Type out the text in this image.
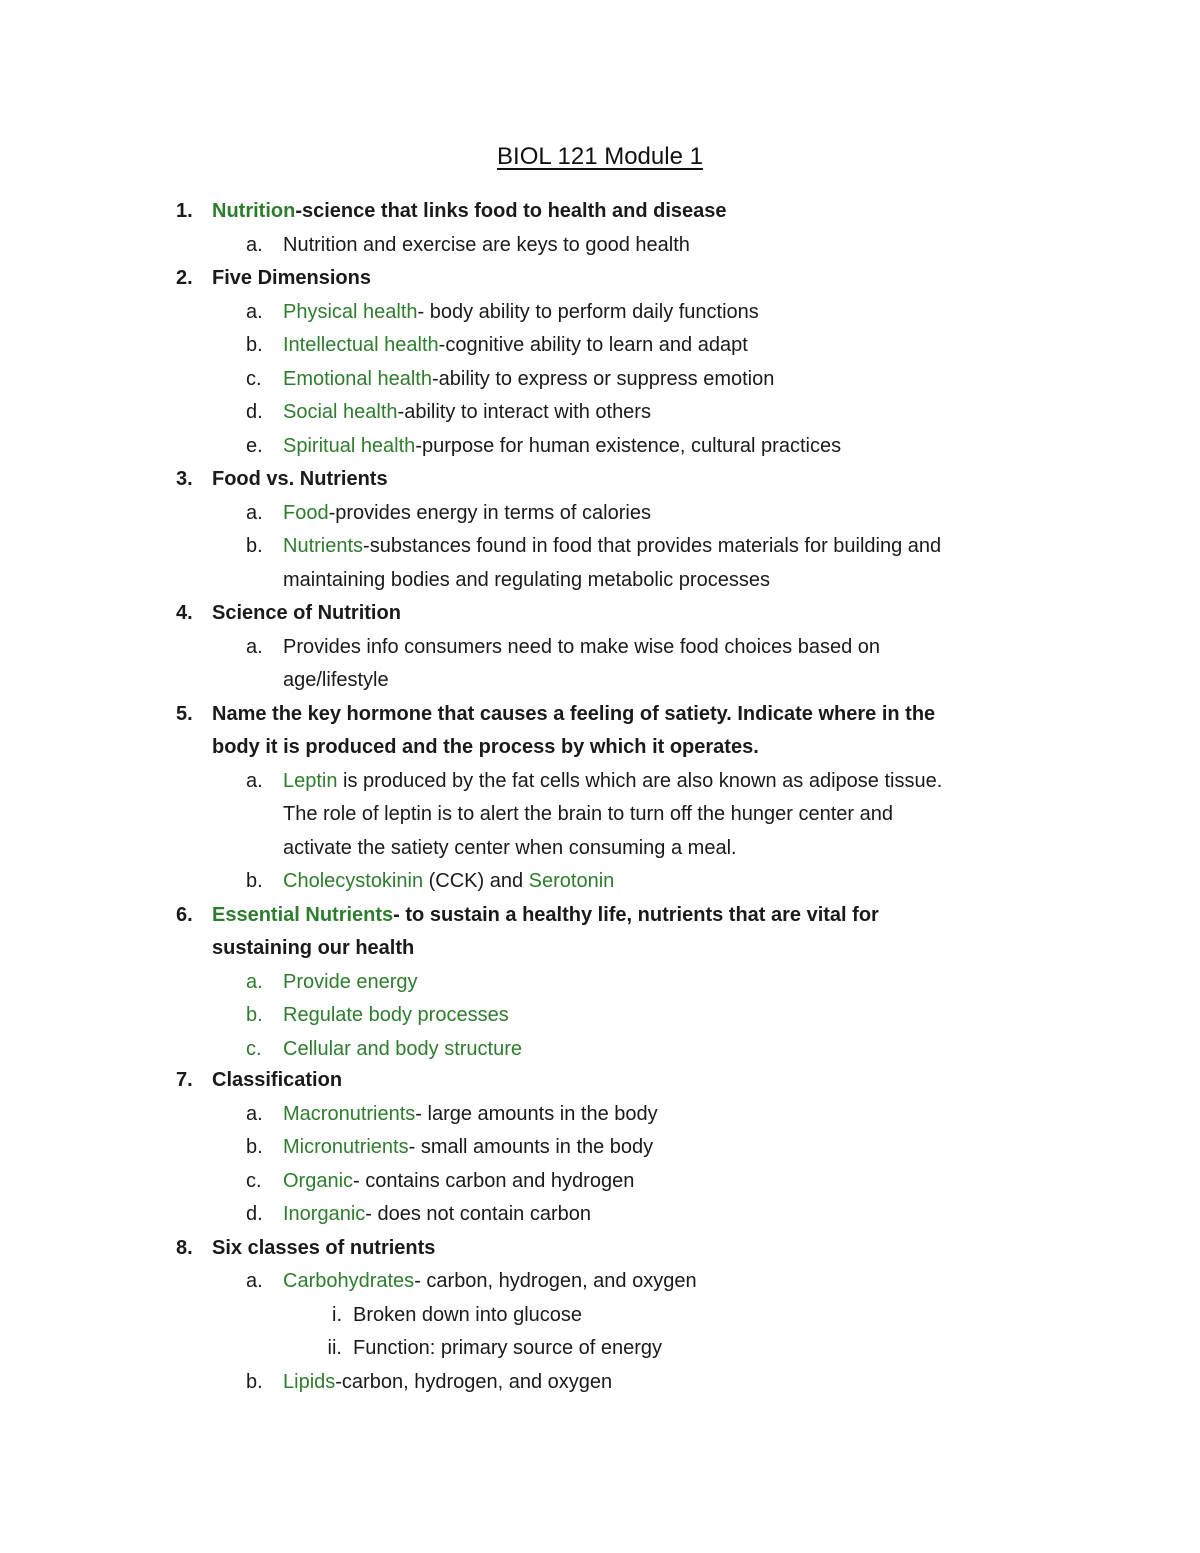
BIOL 121 Module 1
1. Nutrition-science that links food to health and disease
a. Nutrition and exercise are keys to good health
2. Five Dimensions
a. Physical health- body ability to perform daily functions
b. Intellectual health-cognitive ability to learn and adapt
c. Emotional health-ability to express or suppress emotion
d. Social health-ability to interact with others
e. Spiritual health-purpose for human existence, cultural practices
3. Food vs. Nutrients
a. Food-provides energy in terms of calories
b. Nutrients-substances found in food that provides materials for building and
maintaining bodies and regulating metabolic processes
4. Science of Nutrition
a. Provides info consumers need to make wise food choices based on
age/lifestyle
5. Name the key hormone that causes a feeling of satiety. Indicate where in the
body it is produced and the process by which it operates.
a. Leptin is produced by the fat cells which are also known as adipose tissue.
The role of leptin is to alert the brain to turn off the hunger center and
activate the satiety center when consuming a meal.
b. Cholecystokinin (CCK) and Serotonin
6. Essential Nutrients- to sustain a healthy life, nutrients that are vital for
sustaining our health
a. Provide energy
b. Regulate body processes
c. Cellular and body structure
7. Classification
a. Macronutrients- large amounts in the body
b. Micronutrients- small amounts in the body
c. Organic- contains carbon and hydrogen
d. Inorganic- does not contain carbon
8. Six classes of nutrients
a. Carbohydrates- carbon, hydrogen, and oxygen
i. Broken down into glucose
ii. Function: primary source of energy
b. Lipids-carbon, hydrogen, and oxygen
